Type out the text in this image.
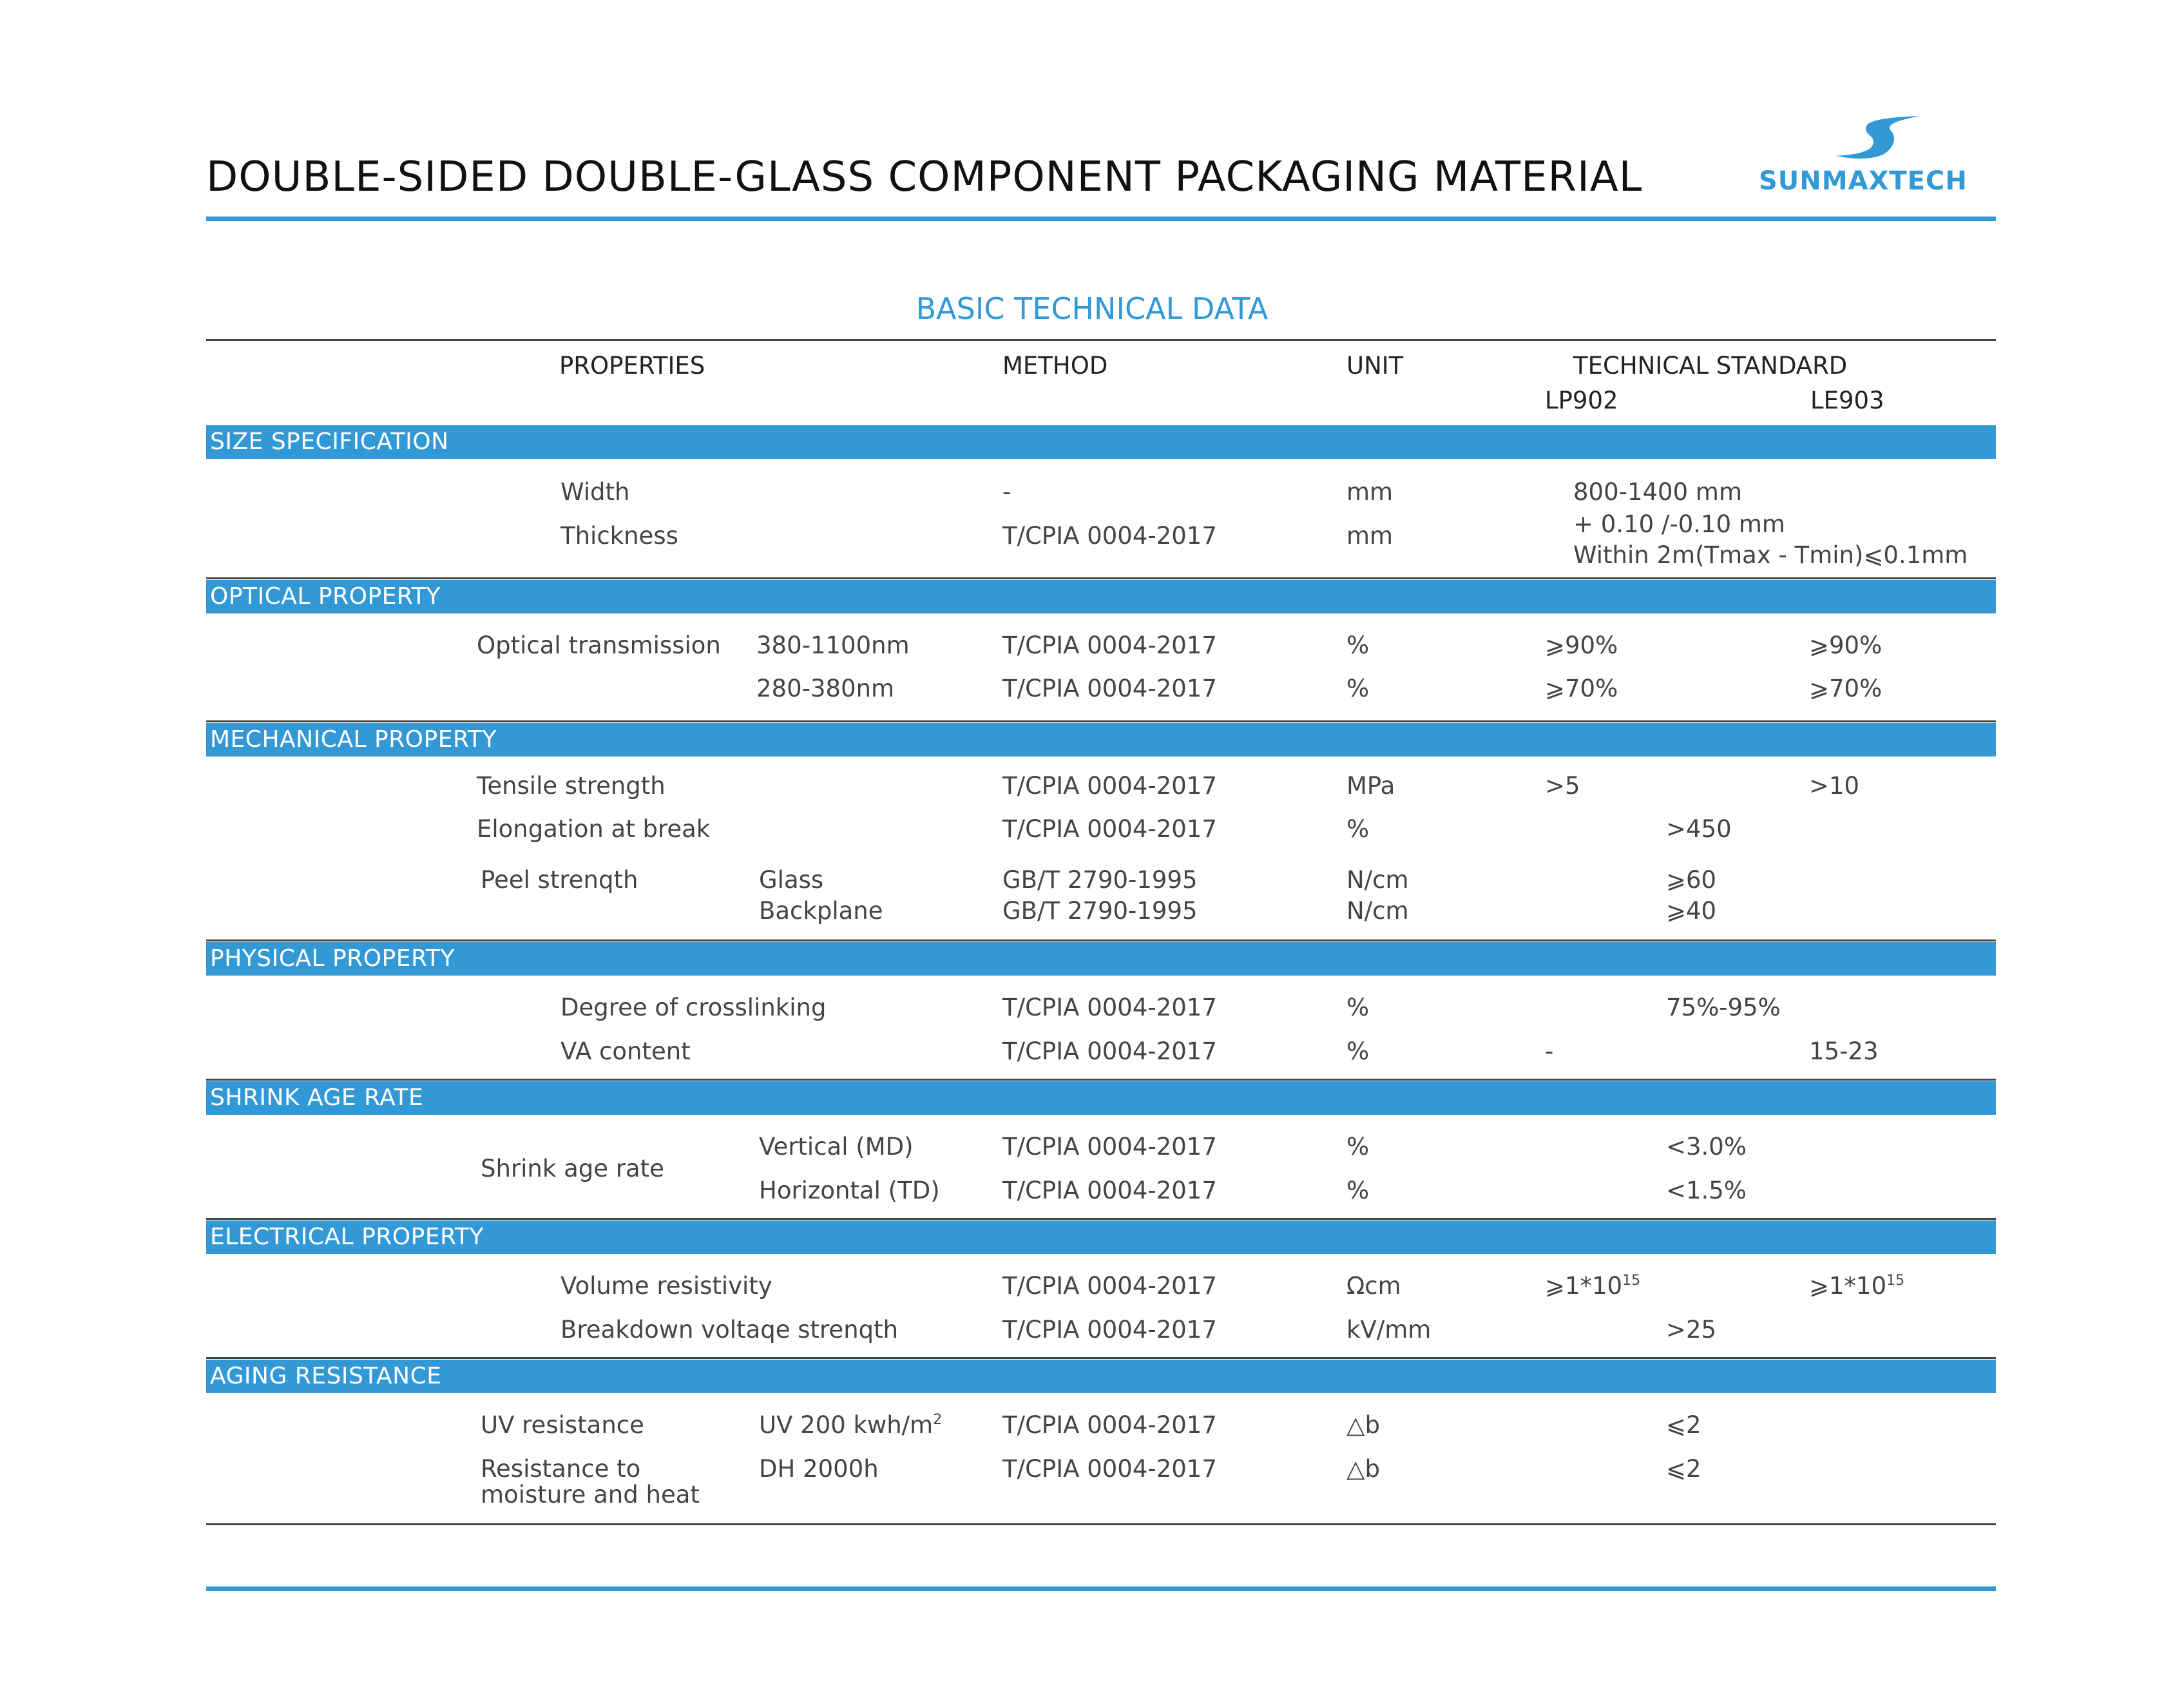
DOUBLE-SIDED DOUBLE-GLASS COMPONENT PACKAGING MATERIAL	SUNMAXTECH
BASIC TECHNICAL DATA
PROPERTIES	METHOD	UNIT	TECHNICAL STANDARD
LP902	LE903
SIZE SPECIFICATION
Width	-	mm	800-1400 mm
Thickness	T/CPIA 0004-2017	mm	+ 0.10 /-0.10 mm
Within 2m(Tmax - Tmin)⩽0.1mm
OPTICAL PROPERTY
Optical transmission 380-1100nm	T/CPIA 0004-2017	%	⩾90%	⩾90%
280-380nm	T/CPIA 0004-2017	%	⩾70%	⩾70%
MECHANICAL PROPERTY
Tensile strength	T/CPIA 0004-2017	MPa	>5	>10
Elongation at break	T/CPIA 0004-2017	%	>450
Peel strenqth	Glass	GB/T 2790-1995	N/cm	⩾60
Backplane	GB/T 2790-1995	N/cm	⩾40
PHYSICAL PROPERTY
Degree of crosslinking	T/CPIA 0004-2017	%	75%-95%
VA content	T/CPIA 0004-2017	%	-	15-23
SHRINK AGE RATE
Shrink age rate
Vertical (MD)	T/CPIA 0004-2017	%	<3.0%
Horizontal (TD)	T/CPIA 0004-2017	%	<1.5%
ELECTRICAL PROPERTY
Volume resistivity	T/CPIA 0004-2017	Ωcm	$⩾1*10^{15}$	$⩾1*10^{15}$
Breakdown voltaqe strenqth	T/CPIA 0004-2017	kV/mm	>25
AGING RESISTANCE
UV resistance	UV 200 kwh/$m^2$	T/CPIA 0004-2017	△b	⩽2
Resistance to
moisture and heat
DH 2000h	T/CPIA 0004-2017	△b	⩽2
